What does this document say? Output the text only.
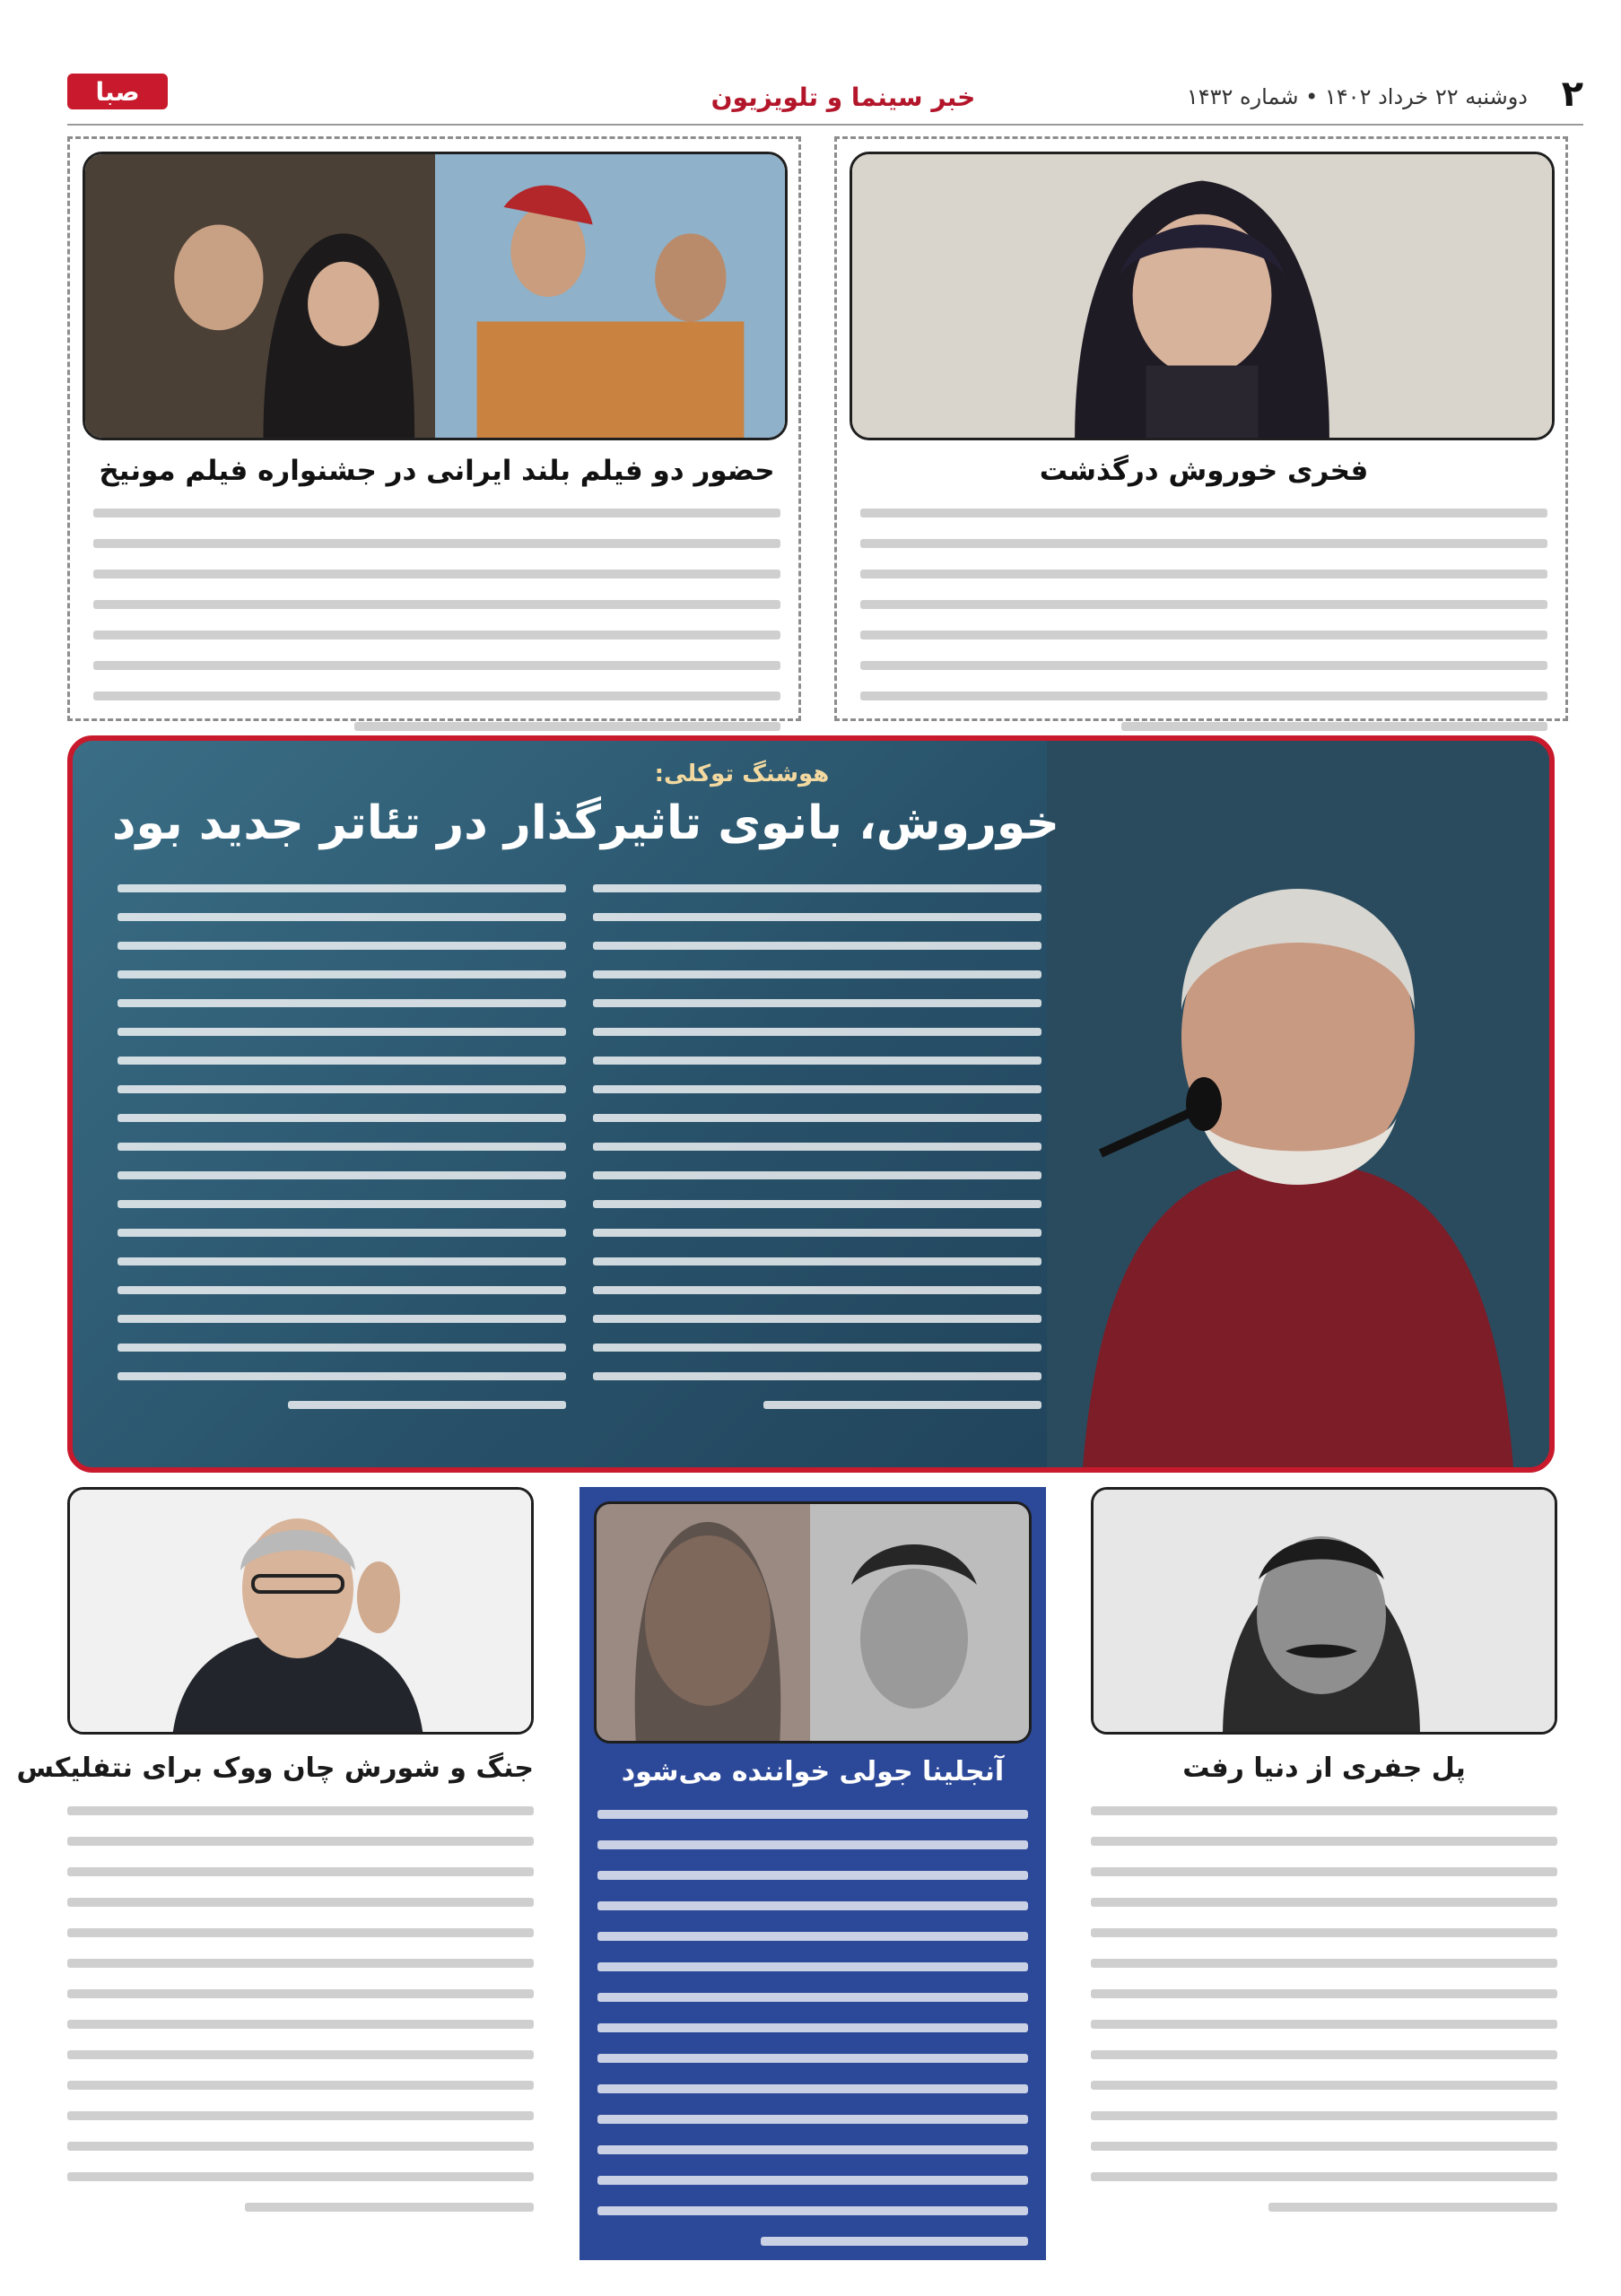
۲
دوشنبه ۲۲ خرداد ۱۴۰۲ • شماره ۱۴۳۲
خبر سینما و تلویزیون
صبا
فخری خوروش درگذشت
حضور دو فیلم بلند ایرانی در جشنواره فیلم مونیخ
هوشنگ توکلی:
خوروش، بانوی تاثیرگذار در تئاتر جدید بود
پل جفری از دنیا رفت
آنجلینا جولی خواننده می‌شود
جنگ و شورش چان ووک برای نتفلیکس
